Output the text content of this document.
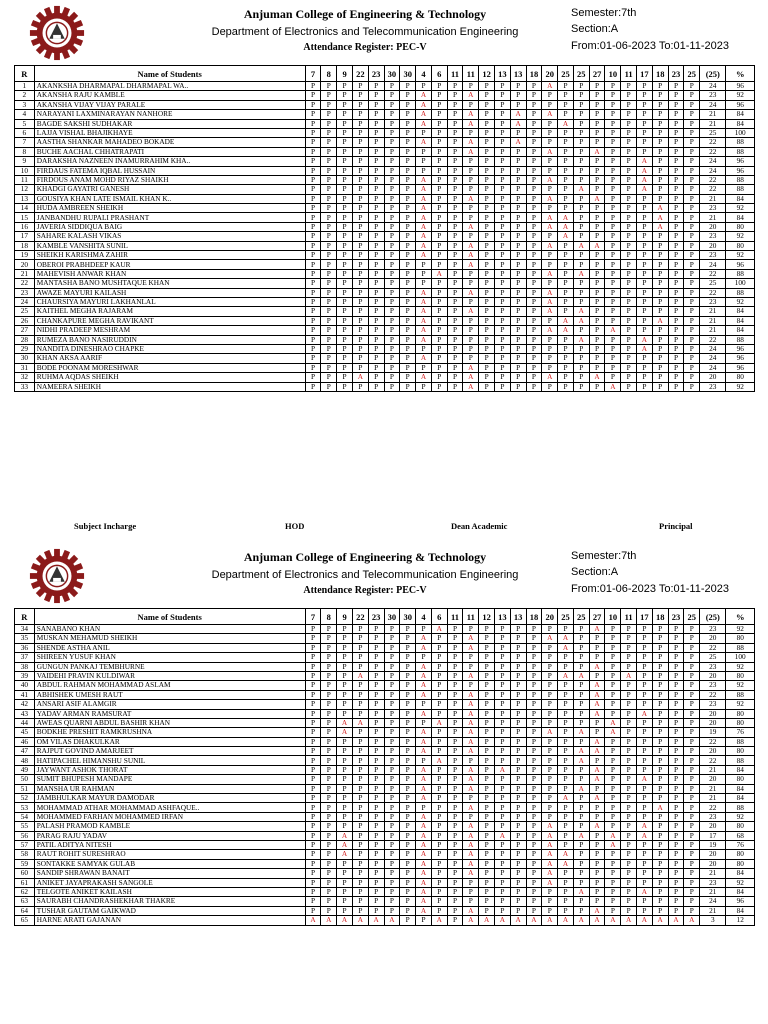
Anjuman College of Engineering & Technology
Department of Electronics and Telecommunication Engineering
Attendance Register: PEC-V
Semester:7th
Section:A
From:01-06-2023 To:01-11-2023
R	Name of Students	7	8	9	22	23	30	30	4	6	11	11	12	13	13	18	20	25	25	27	10	11	17	18	23	25	(25)	%
1	AKANKSHA DHARMAPAL DHARMAPAL WA..	P	P	P	P	P	P	P	P	P	P	P	P	P	P	P	A	P	P	P	P	P	P	P	P	P	24	96
2	AKANSHA RAJU KAMBLE	P	P	P	P	P	P	P	A	P	P	A	P	P	P	P	P	P	P	P	P	P	P	P	P	P	23	92
3	AKANSHA VIJAY VIJAY PARALE	P	P	P	P	P	P	P	A	P	P	P	P	P	P	P	P	P	P	P	P	P	P	P	P	P	24	96
4	NARAYANI LAXMINARAYAN NANHORE	P	P	P	P	P	P	P	A	P	P	A	P	P	A	P	A	P	P	P	P	P	P	P	P	P	21	84
5	BAGDE SAKSHI SUDHAKAR	P	P	P	P	P	P	P	A	P	P	A	P	P	A	P	P	A	P	P	P	P	P	P	P	P	21	84
6	LAJJA VISHAL BHAJIKHAYE	P	P	P	P	P	P	P	P	P	P	P	P	P	P	P	P	P	P	P	P	P	P	P	P	P	25	100
7	AASTHA SHANKAR MAHADEO BOKADE	P	P	P	P	P	P	P	A	P	P	A	P	P	A	P	P	P	P	P	P	P	P	P	P	P	22	88
8	BUCHE AACHAL CHHATRAPATI	P	P	P	P	P	P	P	P	P	P	A	P	P	P	P	A	P	P	A	P	P	P	P	P	P	22	88
9	DARAKSHA NAZNEEN INAMURRAHIM KHA..	P	P	P	P	P	P	P	P	P	P	P	P	P	P	P	P	P	P	P	P	P	A	P	P	P	24	96
10	FIRDAUS FATEMA IQBAL HUSSAIN	P	P	P	P	P	P	P	P	P	P	P	P	P	P	P	P	P	P	P	P	P	A	P	P	P	24	96
11	FIRDOUS ANAM MOHD RIYAZ SHAIKH	P	P	P	P	P	P	P	A	P	P	P	P	P	P	P	A	P	P	P	P	P	A	P	P	P	22	88
12	KHADGI GAYATRI GANESH	P	P	P	P	P	P	P	A	P	P	P	P	P	P	P	P	P	A	P	P	P	A	P	P	P	22	88
13	GOUSIYA KHAN LATE ISMAIL KHAN K..	P	P	P	P	P	P	P	A	P	P	A	P	P	P	P	A	P	P	A	P	P	P	P	P	P	21	84
14	HUDA AMBREEN SHEIKH	P	P	P	P	P	P	P	A	P	P	P	P	P	P	P	P	P	P	P	P	P	P	A	P	P	23	92
15	JANBANDHU RUPALI PRASHANT	P	P	P	P	P	P	P	A	P	P	P	P	P	P	P	A	A	P	P	P	P	P	A	P	P	21	84
16	JAVERIA SIDDIQUA BAIG	P	P	P	P	P	P	P	A	P	P	A	P	P	P	P	A	A	P	P	P	P	P	A	P	P	20	80
17	SAHARE KALASH VIKAS	P	P	P	P	P	P	P	A	P	P	P	P	P	P	P	P	A	P	P	P	P	P	P	P	P	23	92
18	KAMBLE VANSHITA SUNIL	P	P	P	P	P	P	P	A	P	P	A	P	P	P	P	A	P	A	A	P	P	P	P	P	P	20	80
19	SHEIKH KARISHMA ZAHIR	P	P	P	P	P	P	P	A	P	P	A	P	P	P	P	P	P	P	P	P	P	P	P	P	P	23	92
20	OBEROI PRABHDEEP KAUR	P	P	P	P	P	P	P	P	P	P	A	P	P	P	P	P	P	P	P	P	P	P	P	P	P	24	96
21	MAHEVISH ANWAR KHAN	P	P	P	P	P	P	P	P	A	P	P	P	P	P	P	A	P	A	P	P	P	P	P	P	P	22	88
22	MANTASHA BANO MUSHTAQUE KHAN	P	P	P	P	P	P	P	P	P	P	P	P	P	P	P	P	P	P	P	P	P	P	P	P	P	25	100
23	AWAZE MAYURI KAILASH	P	P	P	P	P	P	P	A	P	P	A	P	P	P	P	A	P	P	P	P	P	P	P	P	P	22	88
24	CHAURSIYA MAYURI LAKHANLAL	P	P	P	P	P	P	P	A	P	P	P	P	P	P	P	A	P	P	P	P	P	P	P	P	P	23	92
25	KAITHEL MEGHA RAJARAM	P	P	P	P	P	P	P	A	P	P	A	P	P	P	P	A	P	A	P	P	P	P	P	P	P	21	84
26	CHANKAPURE MEGHA RAVIKANT	P	P	P	P	P	P	P	A	P	P	P	P	P	P	P	P	A	A	P	P	P	P	A	P	P	21	84
27	NIDHI PRADEEP MESHRAM	P	P	P	P	P	P	P	A	P	P	P	P	P	P	P	A	A	P	P	A	P	P	P	P	P	21	84
28	RUMEZA BANO NASIRUDDIN	P	P	P	P	P	P	P	A	P	P	P	P	P	P	P	P	P	A	P	P	P	A	P	P	P	22	88
29	NANDITA DINESHRAO CHAPKE	P	P	P	P	P	P	P	P	P	P	P	P	P	P	P	P	P	P	P	P	P	A	P	P	P	24	96
30	KHAN AKSA AARIF	P	P	P	P	P	P	P	A	P	P	P	P	P	P	P	P	P	P	P	P	P	P	P	P	P	24	96
31	BODE POONAM MORESHWAR	P	P	P	P	P	P	P	P	P	P	A	P	P	P	P	P	P	P	P	P	P	P	P	P	P	24	96
32	RUHMA AQDAS SHEIKH	P	P	P	A	P	P	P	A	P	P	A	P	P	P	P	A	P	P	A	P	P	P	P	P	P	20	80
33	NAMEERA SHEIKH	P	P	P	P	P	P	P	P	P	P	A	P	P	P	P	P	P	P	P	A	P	P	P	P	P	23	92
Subject Incharge	HOD	Dean Academic	Principal
Anjuman College of Engineering & Technology
Department of Electronics and Telecommunication Engineering
Attendance Register: PEC-V
Semester:7th
Section:A
From:01-06-2023 To:01-11-2023
R	Name of Students	7	8	9	22	23	30	30	4	6	11	11	12	13	13	18	20	25	25	27	10	11	17	18	23	25	(25)	%
34	SANABANO KHAN	P	P	P	P	P	P	P	P	A	P	P	P	P	P	P	P	P	P	A	P	P	P	P	P	P	23	92
35	MUSKAN MEHAMUD SHEIKH	P	P	P	P	P	P	P	A	P	P	A	P	P	P	P	A	A	P	P	P	P	P	P	P	P	20	80
36	SHENDE ASTHA ANIL	P	P	P	P	P	P	P	A	P	P	A	P	P	P	P	P	A	P	P	P	P	P	P	P	P	22	88
37	SHIREEN YUSUF KHAN	P	P	P	P	P	P	P	P	P	P	P	P	P	P	P	P	P	P	P	P	P	P	P	P	P	25	100
38	GUNGUN PANKAJ TEMBHURNE	P	P	P	P	P	P	P	A	P	P	P	P	P	P	P	P	P	P	A	P	P	P	P	P	P	23	92
39	VAIDEHI PRAVIN KULDIWAR	P	P	P	A	P	P	P	A	P	P	A	P	P	P	P	P	A	A	P	P	A	P	P	P	P	20	80
40	ABDUL RAHMAN MOHAMMAD ASLAM	P	P	P	P	P	P	P	A	P	P	P	P	P	P	P	P	P	P	A	P	P	P	P	P	P	23	92
41	ABHISHEK UMESH RAUT	P	P	P	P	P	P	P	A	P	P	A	P	P	P	P	P	P	P	A	P	P	P	P	P	P	22	88
42	ANSARI ASIF ALAMGIR	P	P	P	P	P	P	P	P	P	P	A	P	P	P	P	P	P	P	A	P	P	P	P	P	P	23	92
43	YADAV ARMAN RAMSURAT	P	P	P	P	P	P	P	A	P	P	A	P	P	P	P	P	P	P	A	P	P	A	P	P	P	20	80
44	AWEAS QUARNI ABDUL BASHIR KHAN	P	P	A	A	P	P	P	P	A	P	A	P	P	P	P	P	P	P	P	A	P	P	P	P	P	20	80
45	BODKHE PRESHIT RAMKRUSHNA	P	P	A	P	P	P	P	A	P	P	A	P	P	P	P	A	P	A	P	A	P	P	P	P	P	19	76
46	OM VILAS DHAKULKAR	P	P	P	P	P	P	P	A	P	P	A	P	P	P	P	P	P	P	A	P	P	P	P	P	P	22	88
47	RAJPUT GOVIND AMARJEET	P	P	P	P	P	P	P	A	P	P	A	P	P	P	P	P	P	A	A	P	P	P	P	P	P	20	80
48	HATIPACHEL HIMANSHU SUNIL	P	P	P	P	P	P	P	P	A	P	P	P	P	P	P	P	P	A	P	P	P	P	P	P	P	22	88
49	JAYWANT ASHOK THORAT	P	P	P	P	P	P	P	A	P	P	A	P	A	P	P	P	P	P	A	P	P	P	P	P	P	21	84
50	SUMIT BHUPESH MANDAPE	P	P	P	P	P	P	P	A	P	P	A	P	P	P	P	P	P	P	A	P	P	A	P	P	P	20	80
51	MANSHA UR RAHMAN	P	P	P	P	P	P	P	A	P	P	A	P	P	P	P	P	P	A	P	P	P	P	P	P	P	21	84
52	JAMBHULKAR MAYUR DAMODAR	P	P	P	P	P	P	P	A	P	P	P	P	P	P	P	P	A	P	A	P	P	P	P	P	P	21	84
53	MOHAMMAD ATHAR MOHAMMAD ASHFAQUE..	P	P	P	P	P	P	P	P	P	P	A	P	P	P	P	P	P	P	P	P	P	P	A	P	P	22	88
54	MOHAMMED FARHAN MOHAMMED IRFAN	P	P	P	P	P	P	P	A	P	P	P	P	P	P	P	P	P	P	P	P	P	P	P	P	P	23	92
55	PALASH PRAMOD KAMBLE	P	P	P	P	P	P	P	A	P	P	A	P	P	P	P	A	P	P	A	P	P	A	P	P	P	20	80
56	PARAG RAJU YADAV	P	P	A	P	P	P	P	A	P	P	A	P	A	P	P	A	P	A	P	A	P	A	P	P	P	17	68
57	PATIL ADITYA NITESH	P	P	A	P	P	P	P	A	P	P	A	P	P	P	P	A	P	P	P	A	P	P	P	P	P	19	76
58	RAUT ROHIT SURESHRAO	P	P	A	P	P	P	P	A	P	P	A	P	P	P	P	A	A	P	P	P	P	P	P	P	P	20	80
59	SONTAKKE SAMYAK GULAB	P	P	P	P	P	P	P	A	P	P	A	P	P	P	P	A	A	P	P	P	P	P	P	P	P	20	80
60	SANDIP SHRAWAN BANAIT	P	P	P	P	P	P	P	A	P	P	A	P	P	P	P	A	P	P	P	P	P	P	P	P	P	21	84
61	ANIKET JAYAPRAKASH SANGOLE	P	P	P	P	P	P	P	A	P	P	P	P	P	P	P	A	P	P	P	P	P	P	P	P	P	23	92
62	TELGOTE ANIKET KAILASH	P	P	P	P	P	P	P	A	P	P	P	P	P	P	P	P	P	A	P	P	P	A	P	P	P	21	84
63	SAURABH CHANDRASHEKHAR THAKRE	P	P	P	P	P	P	P	A	P	P	P	P	P	P	P	P	P	P	P	P	P	P	P	P	P	24	96
64	TUSHAR GAUTAM GAIKWAD	P	P	P	P	P	P	P	A	P	P	A	P	P	P	P	P	P	P	A	P	P	P	P	P	P	21	84
65	HARNE ARATI GAJANAN	A	A	A	A	A	A	P	P	A	P	A	A	A	A	A	A	A	A	A	A	A	A	A	A	A	3	12
